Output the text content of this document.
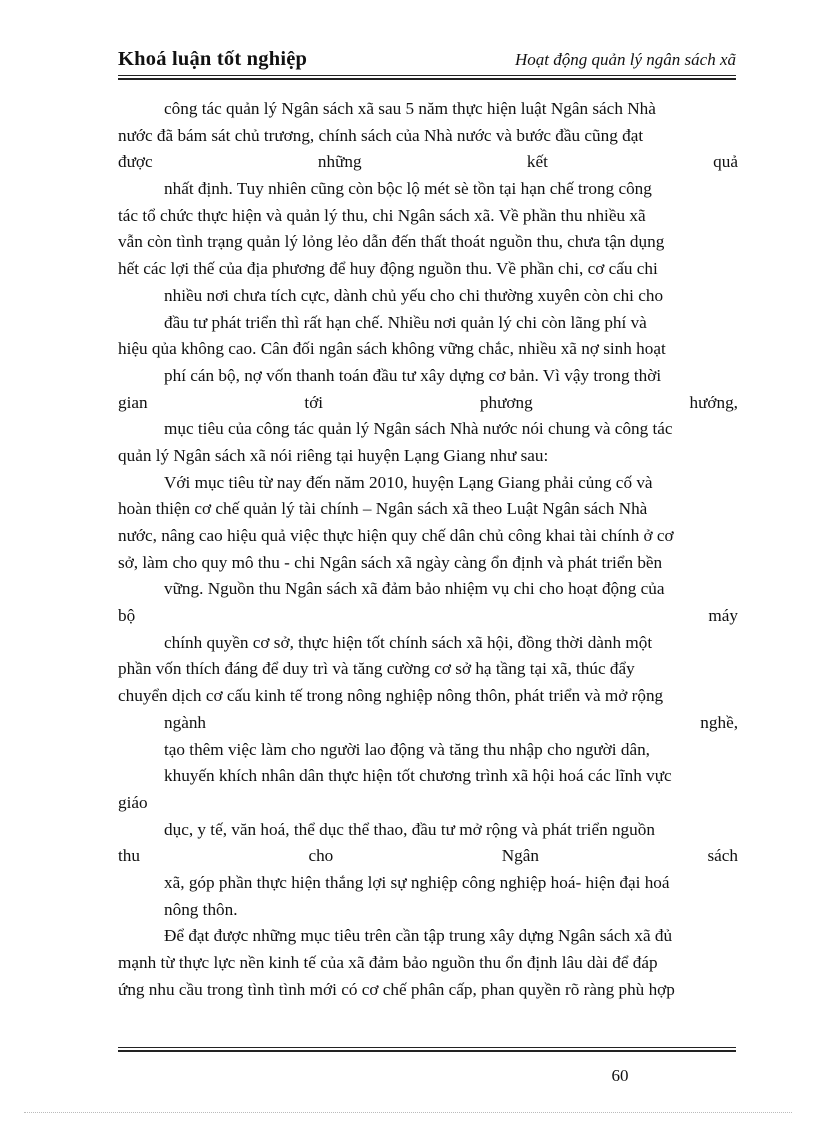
Khoá luận tốt nghiệp	Hoạt động quản lý ngân sách xã
công tác quản lý Ngân sách xã sau 5 năm thực hiện luật Ngân sách Nhà
nước đã bám sát chủ trương, chính sách của Nhà nước và bước đầu cũng đạt
được	những	kết	quả
nhất định. Tuy nhiên cũng còn bộc lộ mét sè tồn tại hạn chế trong công
tác tổ chức thực hiện và quản lý thu, chi Ngân sách xã. Về phần thu nhiều xã
vẫn còn tình trạng quản lý lỏng lẻo dẫn đến thất thoát nguồn thu, chưa tận dụng
hết các lợi thế của địa phương để huy động nguồn thu. Về phần chi, cơ cấu chi
nhiều nơi chưa tích cực, dành chủ yếu cho chi thường xuyên còn chi cho
đầu tư phát triển thì rất hạn chế. Nhiều nơi quản lý chi còn lãng phí và
hiệu qủa không cao. Cân đối ngân sách không vững chắc, nhiều xã nợ sinh hoạt
phí cán bộ, nợ vốn thanh toán đầu tư xây dựng cơ bản. Vì vậy trong thời
gian	tới	phương	hướng,
mục tiêu của công tác quản lý Ngân sách Nhà nước nói chung và công tác
quản lý Ngân sách xã nói riêng tại huyện Lạng Giang như sau:
Với mục tiêu từ nay đến năm 2010, huyện Lạng Giang phải củng cố và
hoàn thiện cơ chế quản lý tài chính – Ngân sách xã theo Luật Ngân sách Nhà
nước, nâng cao hiệu quả việc thực hiện quy chế dân chủ công khai tài chính ở cơ
sở, làm cho quy mô thu - chi Ngân sách xã ngày càng ổn định và phát triển bền
vững. Nguồn thu Ngân sách xã đảm bảo nhiệm vụ chi cho hoạt động của
bộ	máy
chính quyền cơ sở, thực hiện tốt chính sách xã hội, đồng thời dành một
phần vốn thích đáng để duy trì và tăng cường cơ sở hạ tầng tại xã, thúc đẩy
chuyển dịch cơ cấu kinh tế trong nông nghiệp nông thôn, phát triển và mở rộng
ngành	nghề,
tạo thêm việc làm cho người lao động và tăng thu nhập cho người dân,
khuyến khích nhân dân thực hiện tốt chương trình xã hội hoá các lĩnh vực
giáo
dục, y tế, văn hoá, thể dục thể thao, đầu tư mở rộng và phát triển nguồn
thu	cho	Ngân	sách
xã, góp phần thực hiện thắng lợi sự nghiệp công nghiệp hoá- hiện đại hoá
nông thôn.
Để đạt được những mục tiêu trên cần tập trung xây dựng Ngân sách xã đủ
mạnh từ thực lực nền kinh tế của xã đảm bảo nguồn thu ổn định lâu dài để đáp
ứng nhu cầu trong tình tình mới có cơ chế phân cấp, phan quyền rõ ràng phù hợp
60
